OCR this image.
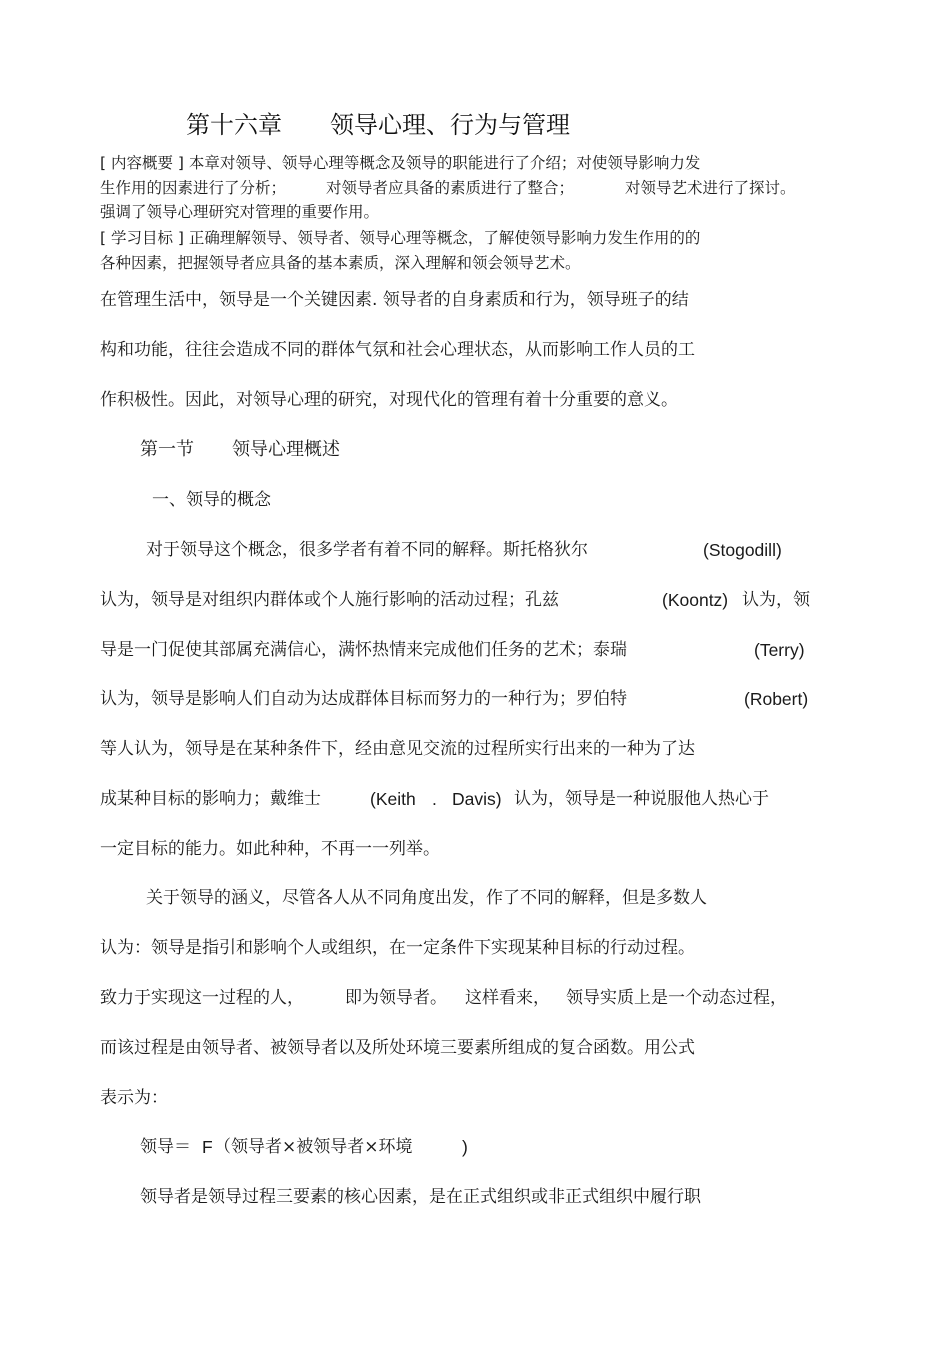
第十六章 领导心理、行为与管理
[ 内容概要 ] 本章对领导、领导心理等概念及领导的职能进行了介绍；对使领导影响力发
生作用的因素进行了分析；	对领导者应具备的素质进行了整合；	对领导艺术进行了探讨。
强调了领导心理研究对管理的重要作用。
[ 学习目标 ] 正确理解领导、领导者、领导心理等概念，了解使领导影响力发生作用的的
各种因素，把握领导者应具备的基本素质，深入理解和领会领导艺术。
在管理生活中，领导是一个关键因素. 领导者的自身素质和行为，领导班子的结
构和功能，往往会造成不同的群体气氛和社会心理状态，从而影响工作人员的工
作积极性。因此，对领导心理的研究，对现代化的管理有着十分重要的意义。
第一节 领导心理概述
一、领导的概念
对于领导这个概念，很多学者有着不同的解释。斯托格狄尔	(Stogodill)
认为，领导是对组织内群体或个人施行影响的活动过程；孔兹	(Koontz) 认为，领
导是一门促使其部属充满信心，满怀热情来完成他们任务的艺术；泰瑞	(Terry)
认为，领导是影响人们自动为达成群体目标而努力的一种行为；罗伯特	(Robert)
等人认为，领导是在某种条件下，经由意见交流的过程所实行出来的一种为了达
成某种目标的影响力；戴维士	(Keith . Davis) 认为，领导是一种说服他人热心于
一定目标的能力。如此种种，不再一一列举。
关于领导的涵义，尽管各人从不同角度出发，作了不同的解释，但是多数人
认为：领导是指引和影响个人或组织，在一定条件下实现某种目标的行动过程。
致力于实现这一过程的人， 即为领导者。 这样看来， 领导实质上是一个动态过程，
而该过程是由领导者、被领导者以及所处环境三要素所组成的复合函数。用公式
表示为：
领导＝ F （领导者×被领导者×环境	)
领导者是领导过程三要素的核心因素，是在正式组织或非正式组织中履行职
